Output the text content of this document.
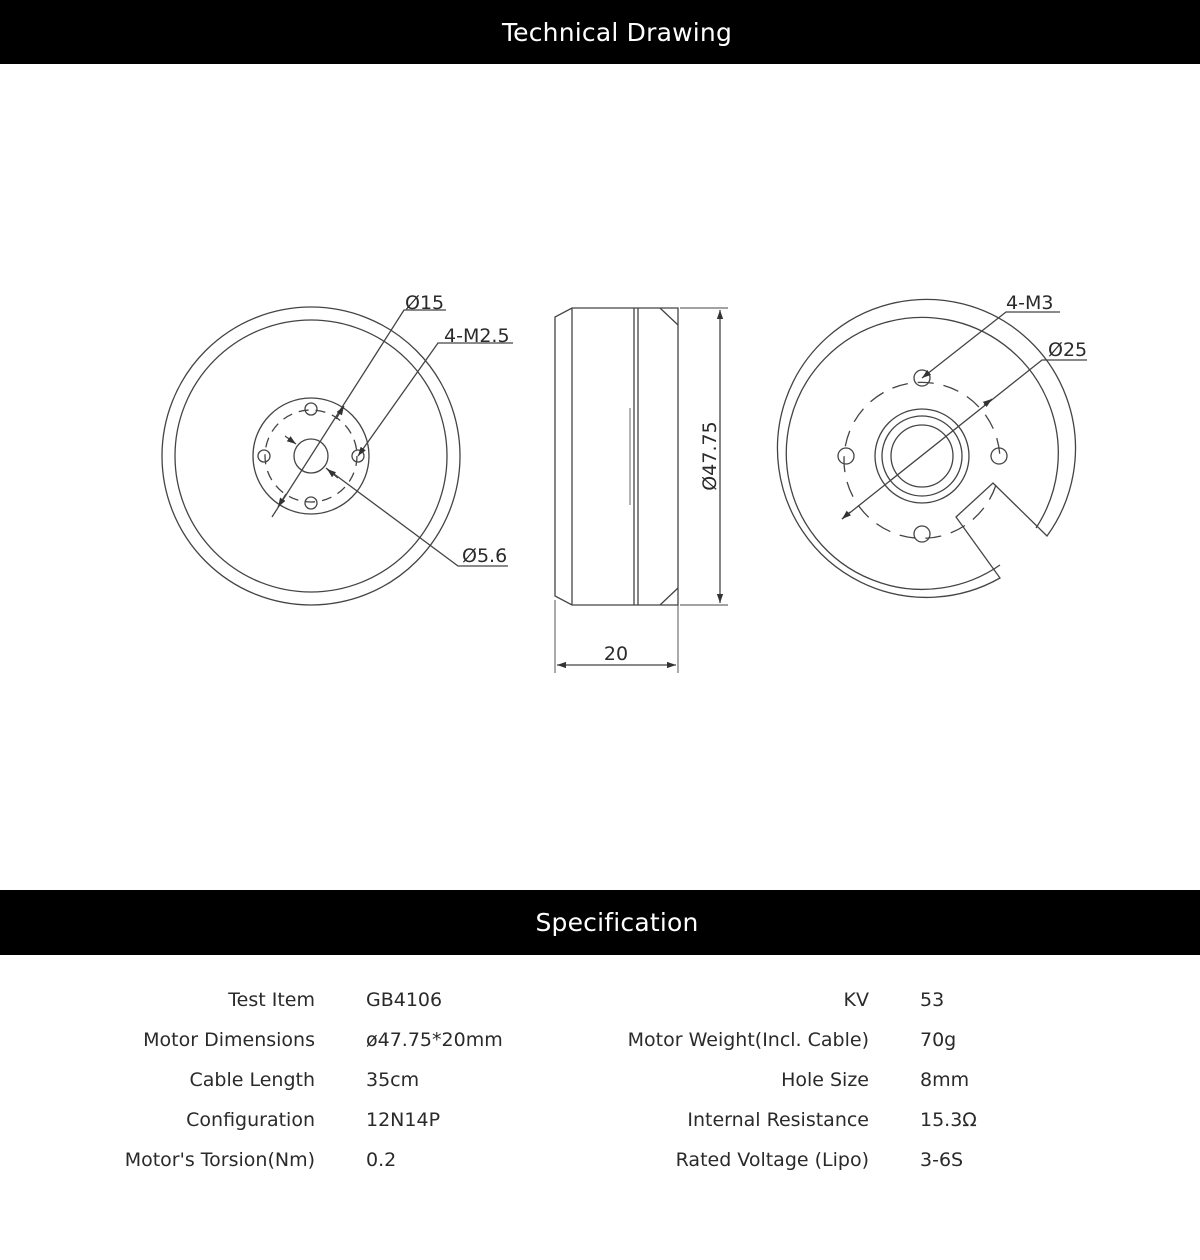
Technical Drawing
Ø15
4-M2.5
Ø5.6
Ø47.75
20
4-M3
Ø25
Specification
Test Item	GB4106	KV	53
Motor Dimensions	ø47.75*20mm	Motor Weight(Incl. Cable)	70g
Cable Length	35cm	Hole Size	8mm
Configuration	12N14P	Internal Resistance	15.3Ω
Motor's Torsion(Nm)	0.2	Rated Voltage (Lipo)	3-6S
